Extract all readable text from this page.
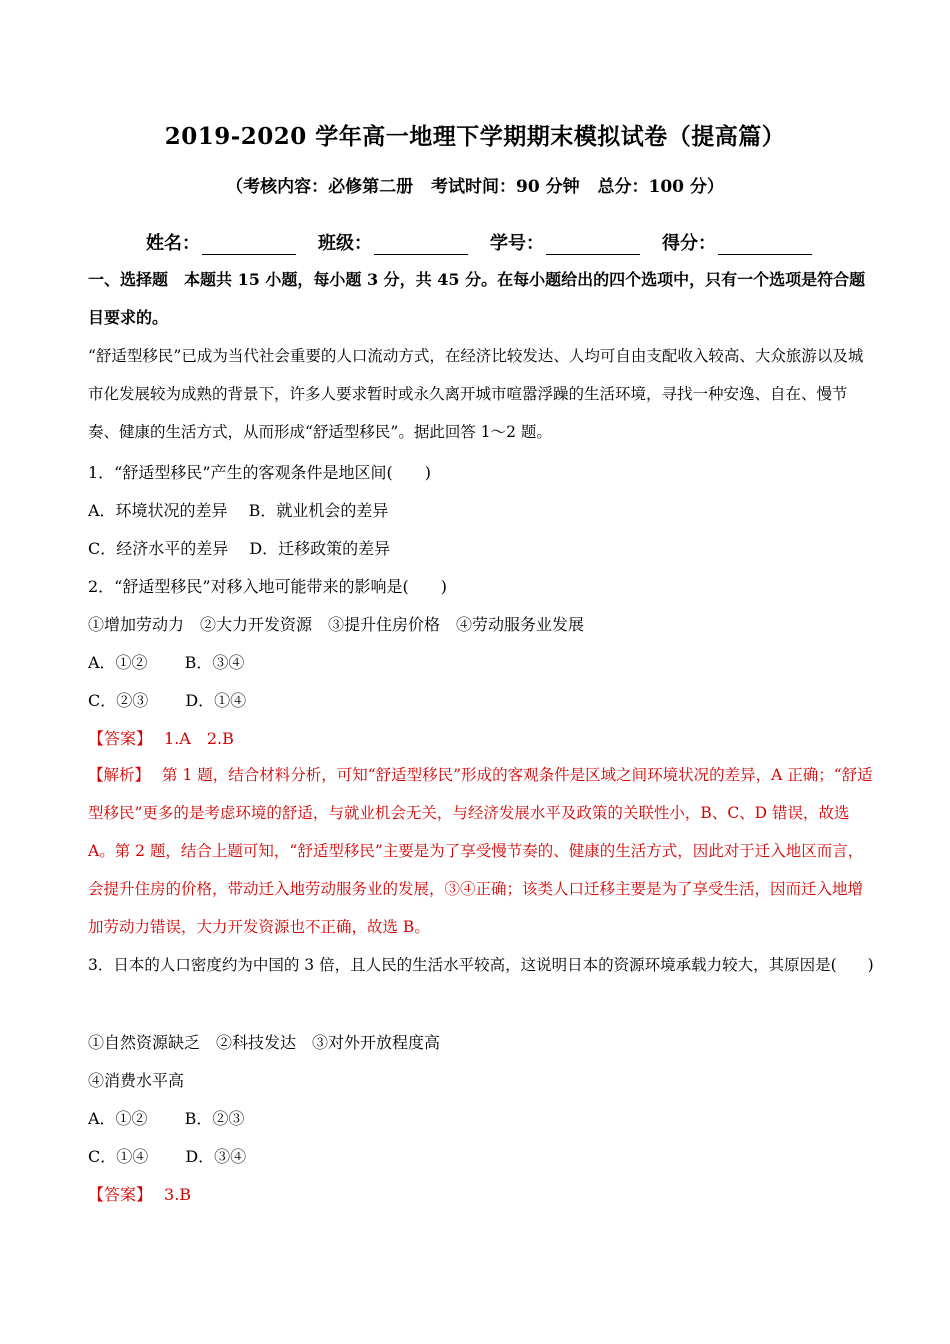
2019-2020 学年高一地理下学期期末模拟试卷（提高篇）
（考核内容：必修第二册 考试时间：90 分钟 总分：100 分）
姓名：	班级：	学号：	得分：
一、选择题　本题共 15 小题，每小题 3 分，共 45 分。在每小题给出的四个选项中，只有一个选项是符合题目要求的。
“舒适型移民”已成为当代社会重要的人口流动方式，在经济比较发达、人均可自由支配收入较高、大众旅游以及城市化发展较为成熟的背景下，许多人要求暂时或永久离开城市喧嚣浮躁的生活环境，寻找一种安逸、自在、慢节奏、健康的生活方式，从而形成“舒适型移民”。据此回答 1～2 题。
1．“舒适型移民”产生的客观条件是地区间(　　)
A．环境状况的差异　 B．就业机会的差异
C．经济水平的差异　 D．迁移政策的差异
2．“舒适型移民”对移入地可能带来的影响是(　　)
①增加劳动力　②大力开发资源　③提升住房价格　④劳动服务业发展
A．①②　　 B．③④
C．②③　　 D．①④
【答案】 1.A　2.B
【解析】 第 1 题，结合材料分析，可知“舒适型移民”形成的客观条件是区域之间环境状况的差异，A 正确；“舒适型移民”更多的是考虑环境的舒适，与就业机会无关，与经济发展水平及政策的关联性小，B、C、D 错误，故选 A。第 2 题，结合上题可知，“舒适型移民”主要是为了享受慢节奏的、健康的生活方式，因此对于迁入地区而言，会提升住房的价格，带动迁入地劳动服务业的发展，③④正确；该类人口迁移主要是为了享受生活，因而迁入地增加劳动力错误，大力开发资源也不正确，故选 B。
3．日本的人口密度约为中国的 3 倍，且人民的生活水平较高，这说明日本的资源环境承载力较大，其原因是(　　)
①自然资源缺乏　②科技发达　③对外开放程度高
④消费水平高
A．①②　　 B．②③
C．①④　　 D．③④
【答案】 3.B
